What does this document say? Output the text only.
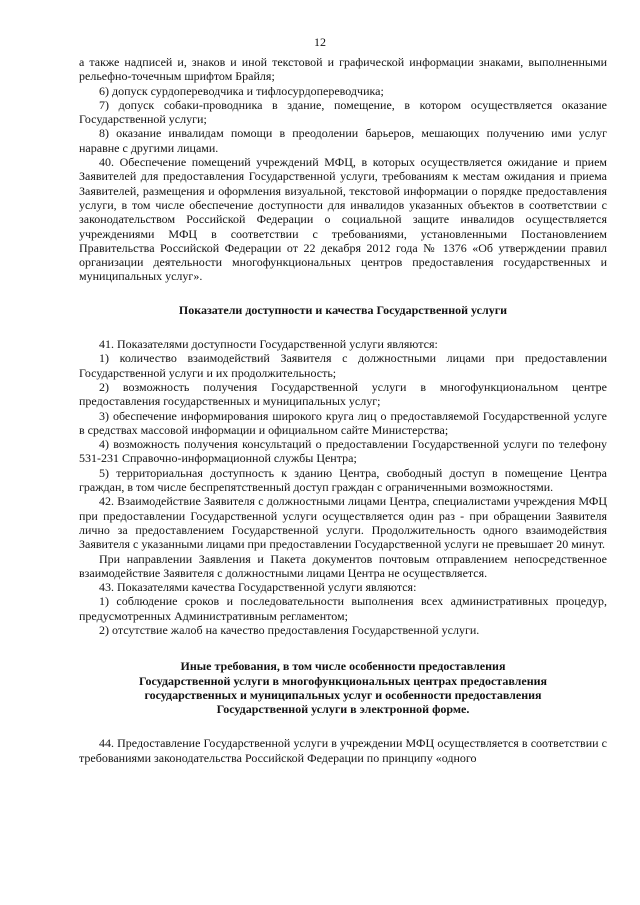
12

а также надписей и, знаков и иной текстовой и графической информации знаками, выполненными рельефно-точечным шрифтом Брайля;

6) допуск сурдопереводчика и тифлосурдопереводчика;

7) допуск собаки-проводника в здание, помещение, в котором осуществляется оказание Государственной услуги;

8) оказание инвалидам помощи в преодолении барьеров, мешающих получению ими услуг наравне с другими лицами.

40. Обеспечение помещений учреждений МФЦ, в которых осуществляется ожидание и прием Заявителей для предоставления Государственной услуги, требованиям к местам ожидания и приема Заявителей, размещения и оформления визуальной, текстовой информации о порядке предоставления услуги, в том числе обеспечение доступности для инвалидов указанных объектов в соответствии с законодательством Российской Федерации о социальной защите инвалидов осуществляется учреждениями МФЦ в соответствии с требованиями, установленными Постановлением Правительства Российской Федерации от 22 декабря 2012 года № 1376 «Об утверждении правил организации деятельности многофункциональных центров предоставления государственных и муниципальных услуг».

Показатели доступности и качества Государственной услуги

41. Показателями доступности Государственной услуги являются:

1) количество взаимодействий Заявителя с должностными лицами при предоставлении Государственной услуги и их продолжительность;

2) возможность получения Государственной услуги в многофункциональном центре предоставления государственных и муниципальных услуг;

3) обеспечение информирования широкого круга лиц о предоставляемой Государственной услуге в средствах массовой информации и официальном сайте Министерства;

4) возможность получения консультаций о предоставлении Государственной услуги по телефону 531-231 Справочно-информационной службы Центра;

5) территориальная доступность к зданию Центра, свободный доступ в помещение Центра граждан, в том числе беспрепятственный доступ граждан с ограниченными возможностями.

42. Взаимодействие Заявителя с должностными лицами Центра, специалистами учреждения МФЦ при предоставлении Государственной услуги осуществляется один раз - при обращении Заявителя лично за предоставлением Государственной услуги. Продолжительность одного взаимодействия Заявителя с указанными лицами при предоставлении Государственной услуги не превышает 20 минут.

При направлении Заявления и Пакета документов почтовым отправлением непосредственное взаимодействие Заявителя с должностными лицами Центра не осуществляется.

43. Показателями качества Государственной услуги являются:

1) соблюдение сроков и последовательности выполнения всех административных процедур, предусмотренных Административным регламентом;

2) отсутствие жалоб на качество предоставления Государственной услуги.

Иные требования, в том числе особенности предоставления
Государственной услуги в многофункциональных центрах предоставления
государственных и муниципальных услуг и особенности предоставления
Государственной услуги в электронной форме.

44. Предоставление Государственной услуги в учреждении МФЦ осуществляется в соответствии с требованиями законодательства Российской Федерации по принципу «одного
